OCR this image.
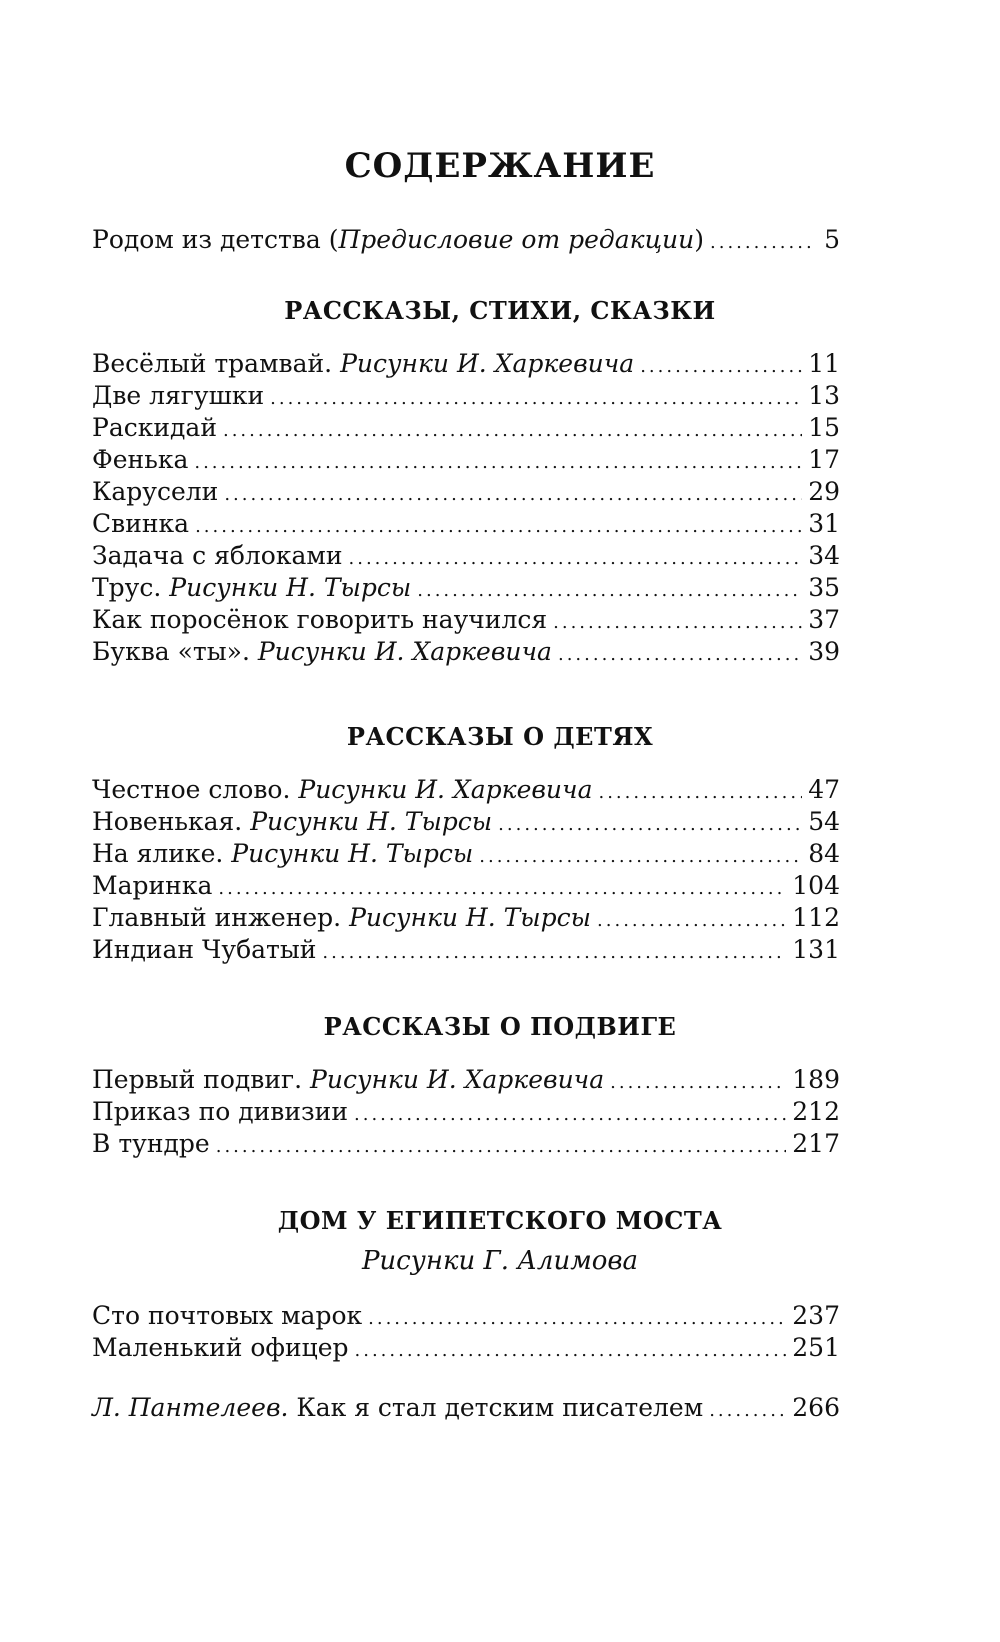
СОДЕРЖАНИЕ
Родом из детства (Предисловие от редакции) .....	5
РАССКАЗЫ, СТИХИ, СКАЗКИ
Весёлый трамвай. Рисунки И. Харкевича .....	11
Две лягушки .....	13
Раскидай .....	15
Фенька .....	17
Карусели .....	29
Свинка .....	31
Задача с яблоками .....	34
Трус. Рисунки Н. Тырсы .....	35
Как поросёнок говорить научился .....	37
Буква «ты». Рисунки И. Харкевича .....	39
РАССКАЗЫ О ДЕТЯХ
Честное слово. Рисунки И. Харкевича .....	47
Новенькая. Рисунки Н. Тырсы .....	54
На ялике. Рисунки Н. Тырсы .....	84
Маринка .....	104
Главный инженер. Рисунки Н. Тырсы .....	112
Индиан Чубатый .....	131
РАССКАЗЫ О ПОДВИГЕ
Первый подвиг. Рисунки И. Харкевича .....	189
Приказ по дивизии .....	212
В тундре .....	217
ДОМ У ЕГИПЕТСКОГО МОСТА
Рисунки Г. Алимова
Сто почтовых марок .....	237
Маленький офицер .....	251
Л. Пантелеев. Как я стал детским писателем .....	266
